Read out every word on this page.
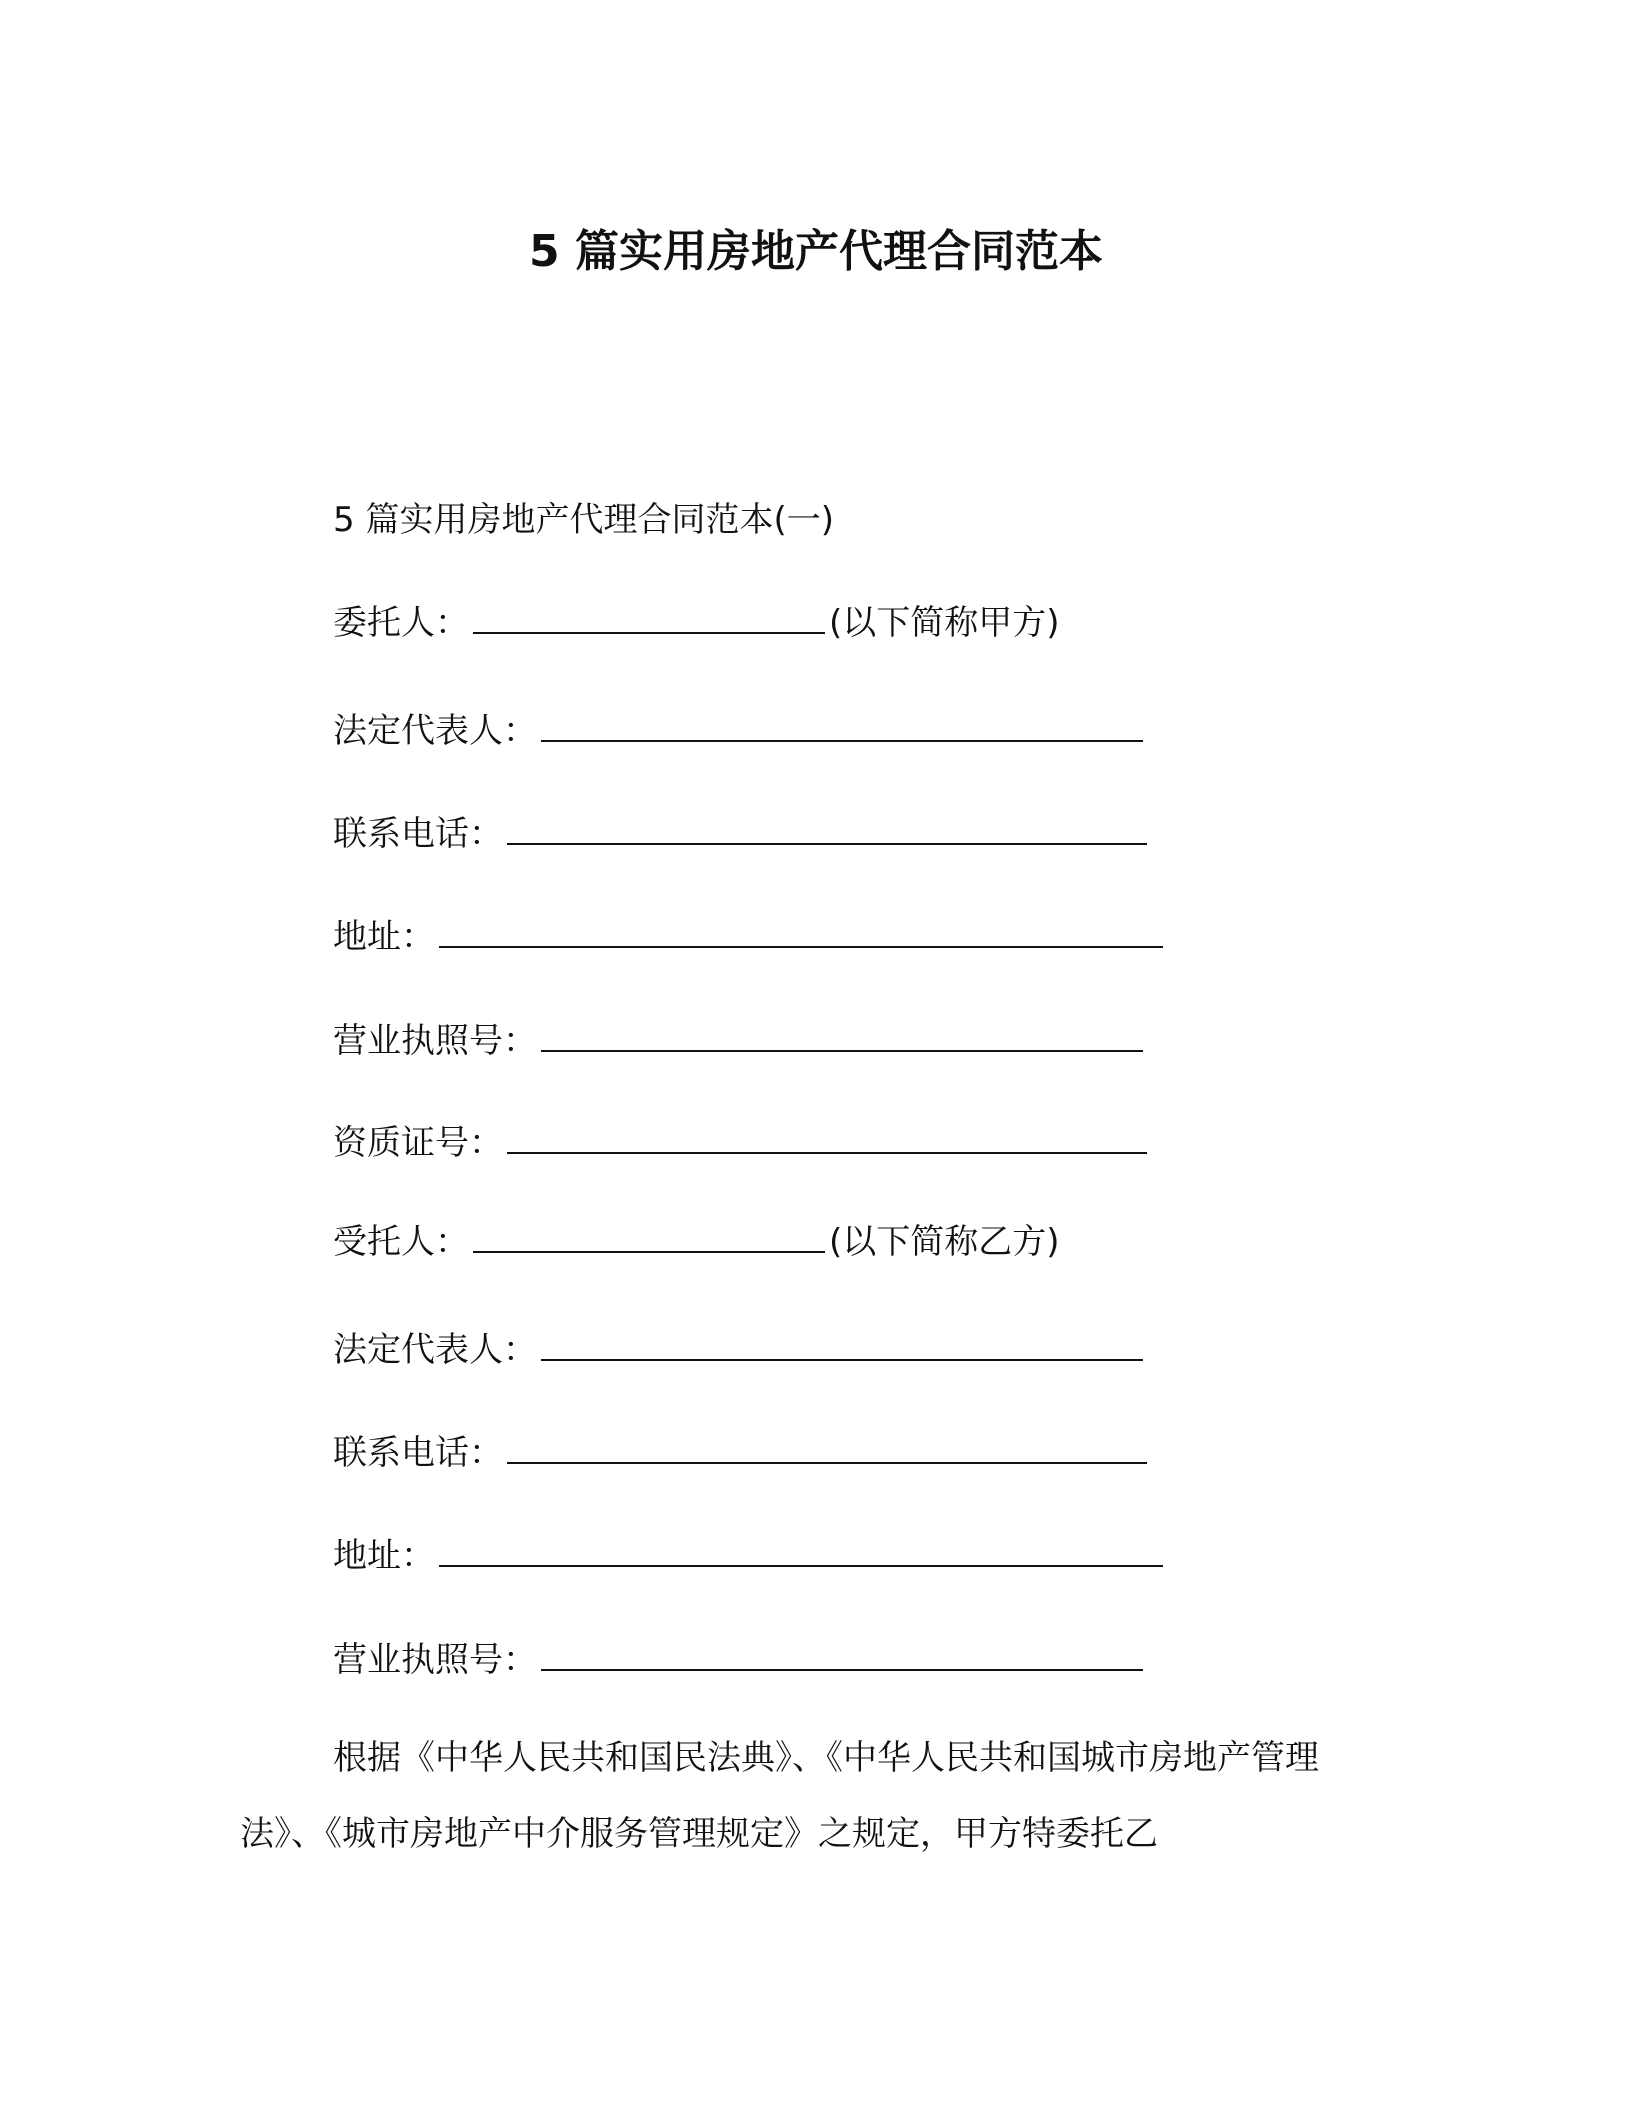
5 篇实用房地产代理合同范本
5 篇实用房地产代理合同范本(一)
委托人：	(以下简称甲方)
法定代表人：
联系电话：
地址：
营业执照号：
资质证号：
受托人：	(以下简称乙方)
法定代表人：
联系电话：
地址：
营业执照号：
根据《中华人民共和国民法典》、《中华人民共和国城市房地产管理法》、《城市房地产中介服务管理规定》之规定，甲方特委托乙
